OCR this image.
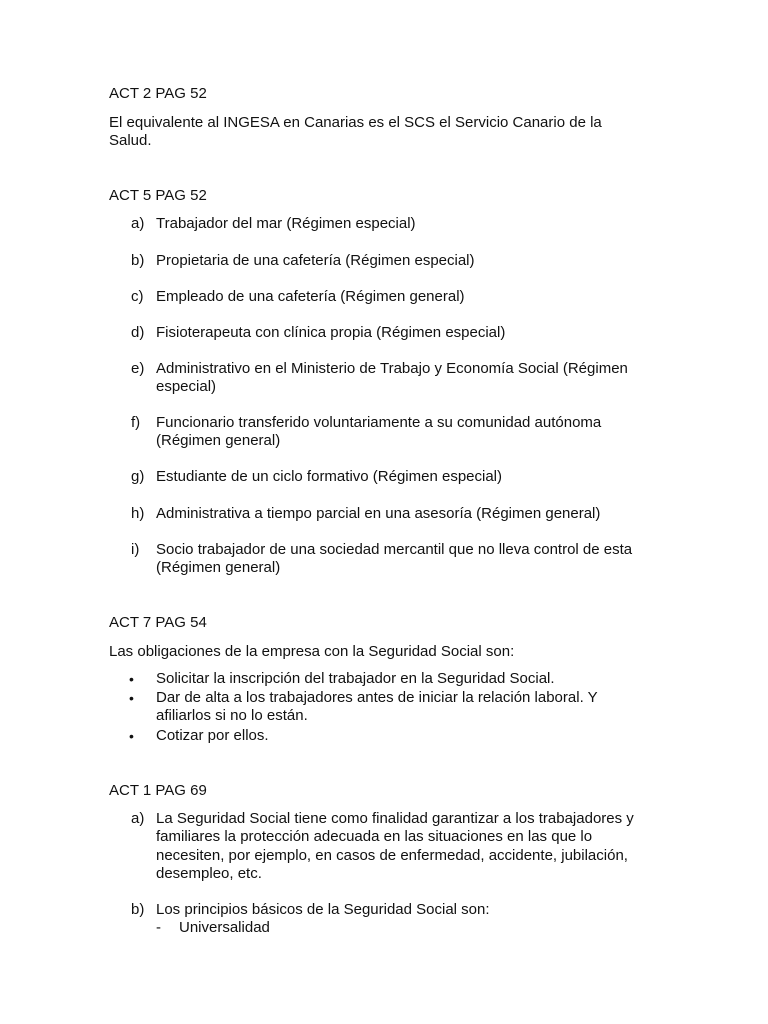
ACT 2 PAG 52
El equivalente al INGESA en Canarias es el SCS el Servicio Canario de la
Salud.
ACT 5 PAG 52
a) Trabajador del mar (Régimen especial)
b) Propietaria de una cafetería (Régimen especial)
c) Empleado de una cafetería (Régimen general)
d) Fisioterapeuta con clínica propia (Régimen especial)
e) Administrativo en el Ministerio de Trabajo y Economía Social (Régimen
especial)
f) Funcionario transferido voluntariamente a su comunidad autónoma
(Régimen general)
g) Estudiante de un ciclo formativo (Régimen especial)
h) Administrativa a tiempo parcial en una asesoría (Régimen general)
i) Socio trabajador de una sociedad mercantil que no lleva control de esta
(Régimen general)
ACT 7 PAG 54
Las obligaciones de la empresa con la Seguridad Social son:
• Solicitar la inscripción del trabajador en la Seguridad Social.
• Dar de alta a los trabajadores antes de iniciar la relación laboral. Y
afiliarlos si no lo están.
• Cotizar por ellos.
ACT 1 PAG 69
a) La Seguridad Social tiene como finalidad garantizar a los trabajadores y
familiares la protección adecuada en las situaciones en las que lo
necesiten, por ejemplo, en casos de enfermedad, accidente, jubilación,
desempleo, etc.
b) Los principios básicos de la Seguridad Social son:
- Universalidad
